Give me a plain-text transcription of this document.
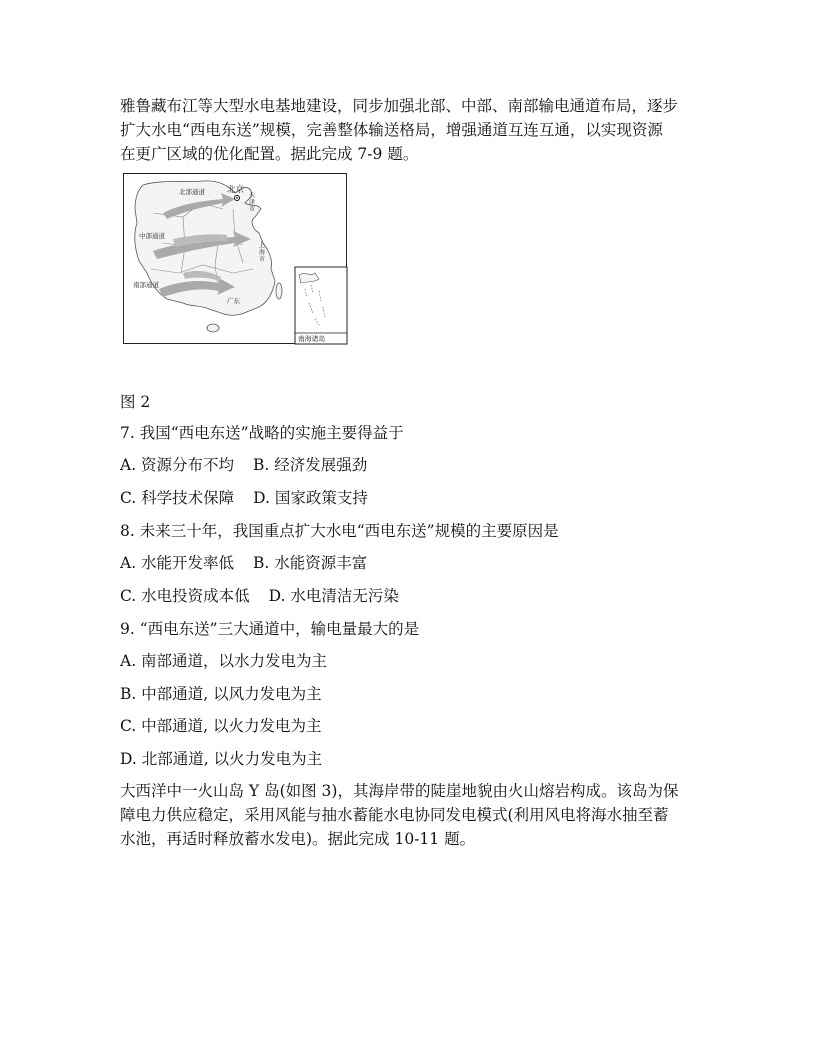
雅鲁藏布江等大型水电基地建设，同步加强北部、中部、南部输电通道布局，逐步
扩大水电“西电东送”规模，完善整体输送格局，增强通道互连互通，以实现资源
在更广区域的优化配置。据此完成 7-9 题。
北部通道	北京
天
津
市
中部通道
上
海
市
南部通道
广东
南海诸岛
图 2
7. 我国“西电东送”战略的实施主要得益于
A. 资源分布不均 B. 经济发展强劲
C. 科学技术保障 D. 国家政策支持
8. 未来三十年，我国重点扩大水电“西电东送”规模的主要原因是
A. 水能开发率低 B. 水能资源丰富
C. 水电投资成本低 D. 水电清洁无污染
9. “西电东送”三大通道中，输电量最大的是
A. 南部通道，以水力发电为主
B. 中部通道, 以风力发电为主
C. 中部通道, 以火力发电为主
D. 北部通道, 以火力发电为主
大西洋中一火山岛 Y 岛(如图 3)，其海岸带的陡崖地貌由火山熔岩构成。该岛为保
障电力供应稳定，采用风能与抽水蓄能水电协同发电模式(利用风电将海水抽至蓄
水池，再适时释放蓄水发电)。据此完成 10-11 题。
